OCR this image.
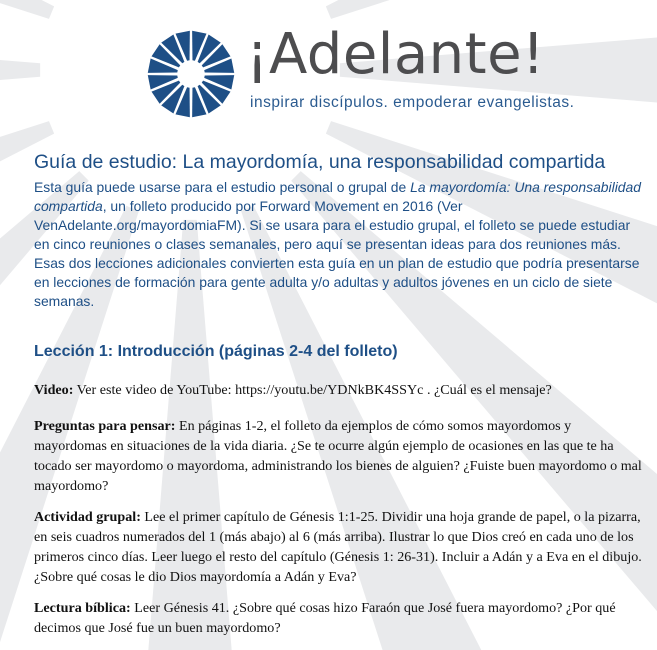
¡Adelante!
inspirar discípulos. empoderar evangelistas.
Guía de estudio: La mayordomía, una responsabilidad compartida

Esta guía puede usarse para el estudio personal o grupal de La mayordomía: Una responsabilidad compartida, un folleto producido por Forward Movement en 2016 (Ver VenAdelante.org/mayordomiaFM). Si se usara para el estudio grupal, el folleto se puede estudiar en cinco reuniones o clases semanales, pero aquí se presentan ideas para dos reuniones más. Esas dos lecciones adicionales convierten esta guía en un plan de estudio que podría presentarse en lecciones de formación para gente adulta y/o adultas y adultos jóvenes en un ciclo de siete semanas.

Lección 1: Introducción (páginas 2-4 del folleto)

Video: Ver este video de YouTube: https://youtu.be/YDNkBK4SSYc . ¿Cuál es el mensaje?

Preguntas para pensar: En páginas 1-2, el folleto da ejemplos de cómo somos mayordomos y mayordomas en situaciones de la vida diaria. ¿Se te ocurre algún ejemplo de ocasiones en las que te ha tocado ser mayordomo o mayordoma, administrando los bienes de alguien? ¿Fuiste buen mayordomo o mal mayordomo?

Actividad grupal: Lee el primer capítulo de Génesis 1:1-25. Dividir una hoja grande de papel, o la pizarra, en seis cuadros numerados del 1 (más abajo) al 6 (más arriba). Ilustrar lo que Dios creó en cada uno de los primeros cinco días. Leer luego el resto del capítulo (Génesis 1: 26-31). Incluir a Adán y a Eva en el dibujo. ¿Sobre qué cosas le dio Dios mayordomía a Adán y Eva?

Lectura bíblica: Leer Génesis 41. ¿Sobre qué cosas hizo Faraón que José fuera mayordomo? ¿Por qué decimos que José fue un buen mayordomo?
